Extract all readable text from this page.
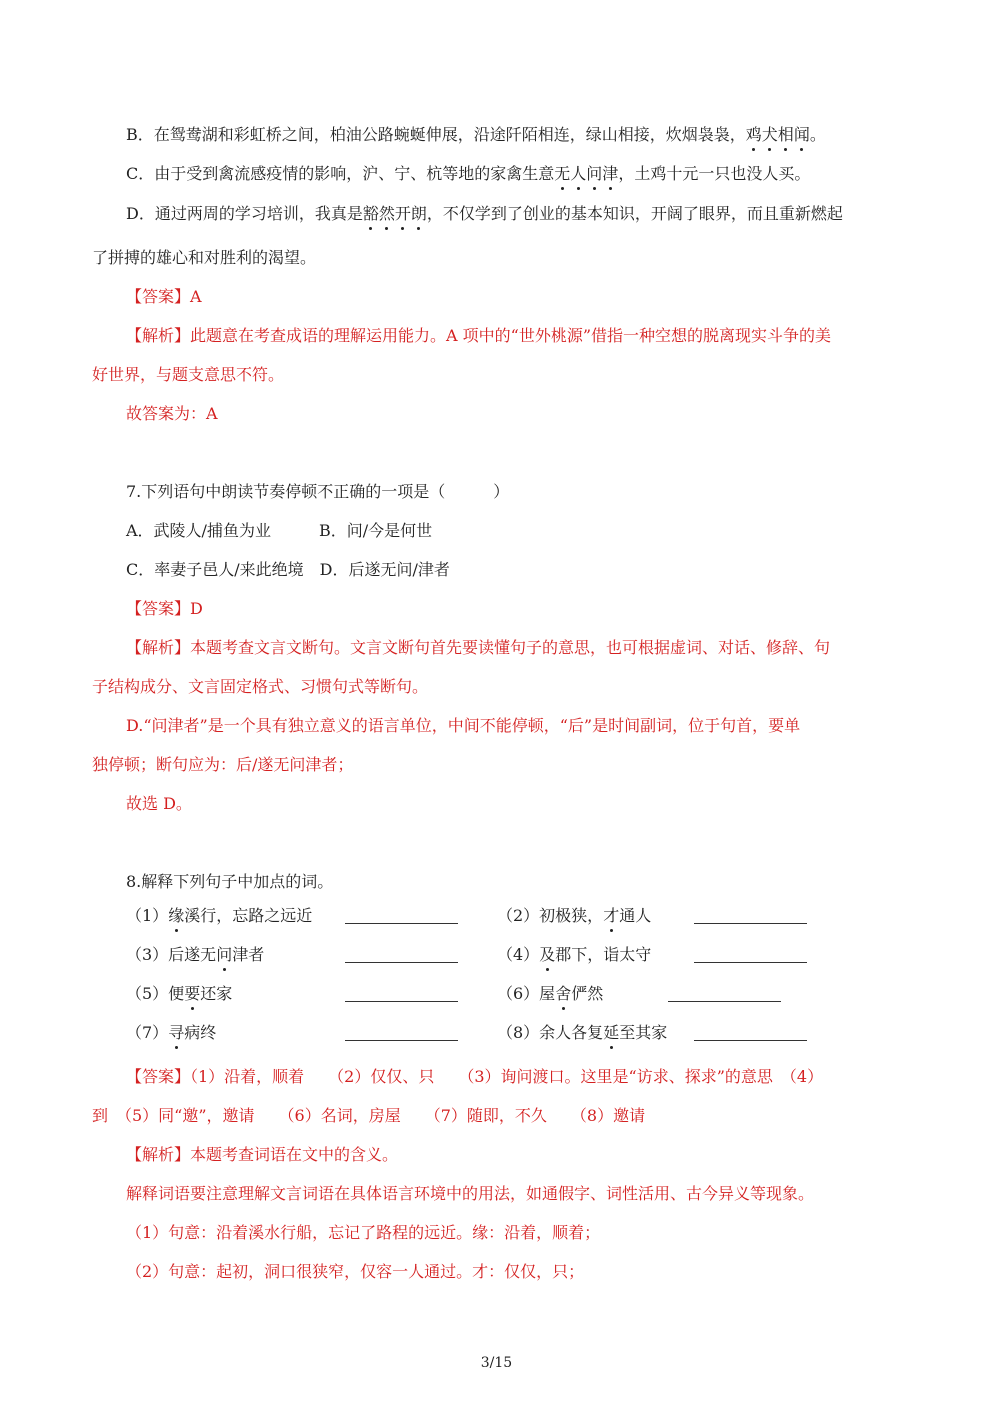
B．在鸳鸯湖和彩虹桥之间，柏油公路蜿蜒伸展，沿途阡陌相连，绿山相接，炊烟袅袅，鸡犬相闻。
C．由于受到禽流感疫情的影响，沪、宁、杭等地的家禽生意无人问津，土鸡十元一只也没人买。
D．通过两周的学习培训，我真是豁然开朗，不仅学到了创业的基本知识，开阔了眼界，而且重新燃起
了拼搏的雄心和对胜利的渴望。
【答案】A
【解析】此题意在考查成语的理解运用能力。A 项中的“世外桃源”借指一种空想的脱离现实斗争的美
好世界，与题支意思不符。
故答案为：A
7.下列语句中朗读节奏停顿不正确的一项是（　　　）
A．武陵人/捕鱼为业　　　B．问/今是何世
C．率妻子邑人/来此绝境　D．后遂无问/津者
【答案】D
【解析】本题考查文言文断句。文言文断句首先要读懂句子的意思，也可根据虚词、对话、修辞、句
子结构成分、文言固定格式、习惯句式等断句。
D.“问津者”是一个具有独立意义的语言单位，中间不能停顿，“后”是时间副词，位于句首，要单
独停顿；断句应为：后/遂无问津者；
故选 D。
8.解释下列句子中加点的词。
（1）缘溪行，忘路之远近	（2）初极狭，才通人
（3）后遂无问津者	（4）及郡下，诣太守
（5）便要还家	（6）屋舍俨然
（7）寻病终	（8）余人各复延至其家
【答案】（1）沿着，顺着　　（2）仅仅、只　　（3）询问渡口。这里是“访求、探求”的意思　（4）
到　（5）同“邀”，邀请　　（6）名词，房屋　　（7）随即，不久　　（8）邀请
【解析】本题考查词语在文中的含义。
解释词语要注意理解文言词语在具体语言环境中的用法，如通假字、词性活用、古今异义等现象。
（1）句意：沿着溪水行船，忘记了路程的远近。缘：沿着，顺着；
（2）句意：起初，洞口很狭窄，仅容一人通过。才：仅仅，只；
3/15
